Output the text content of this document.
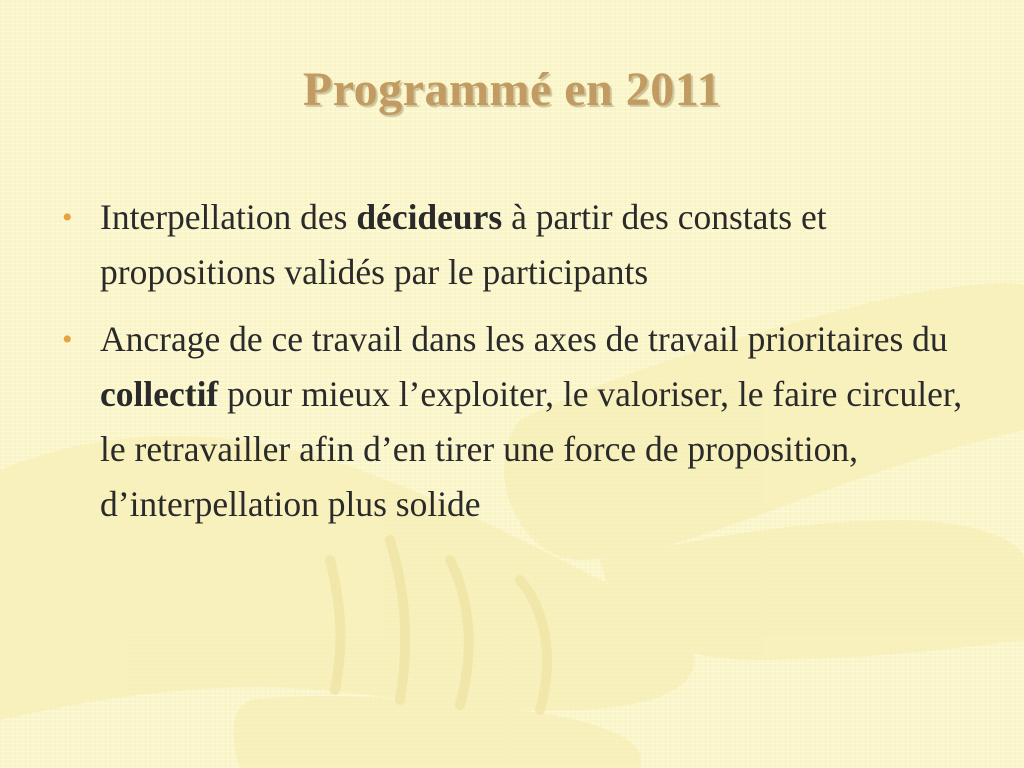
Programmé en 2011
• Interpellation des décideurs à partir des constats et propositions validés par le participants
• Ancrage de ce travail dans les axes de travail prioritaires du collectif pour mieux l’exploiter, le valoriser, le faire circuler, le retravailler afin d’en tirer une force de proposition, d’interpellation plus solide
